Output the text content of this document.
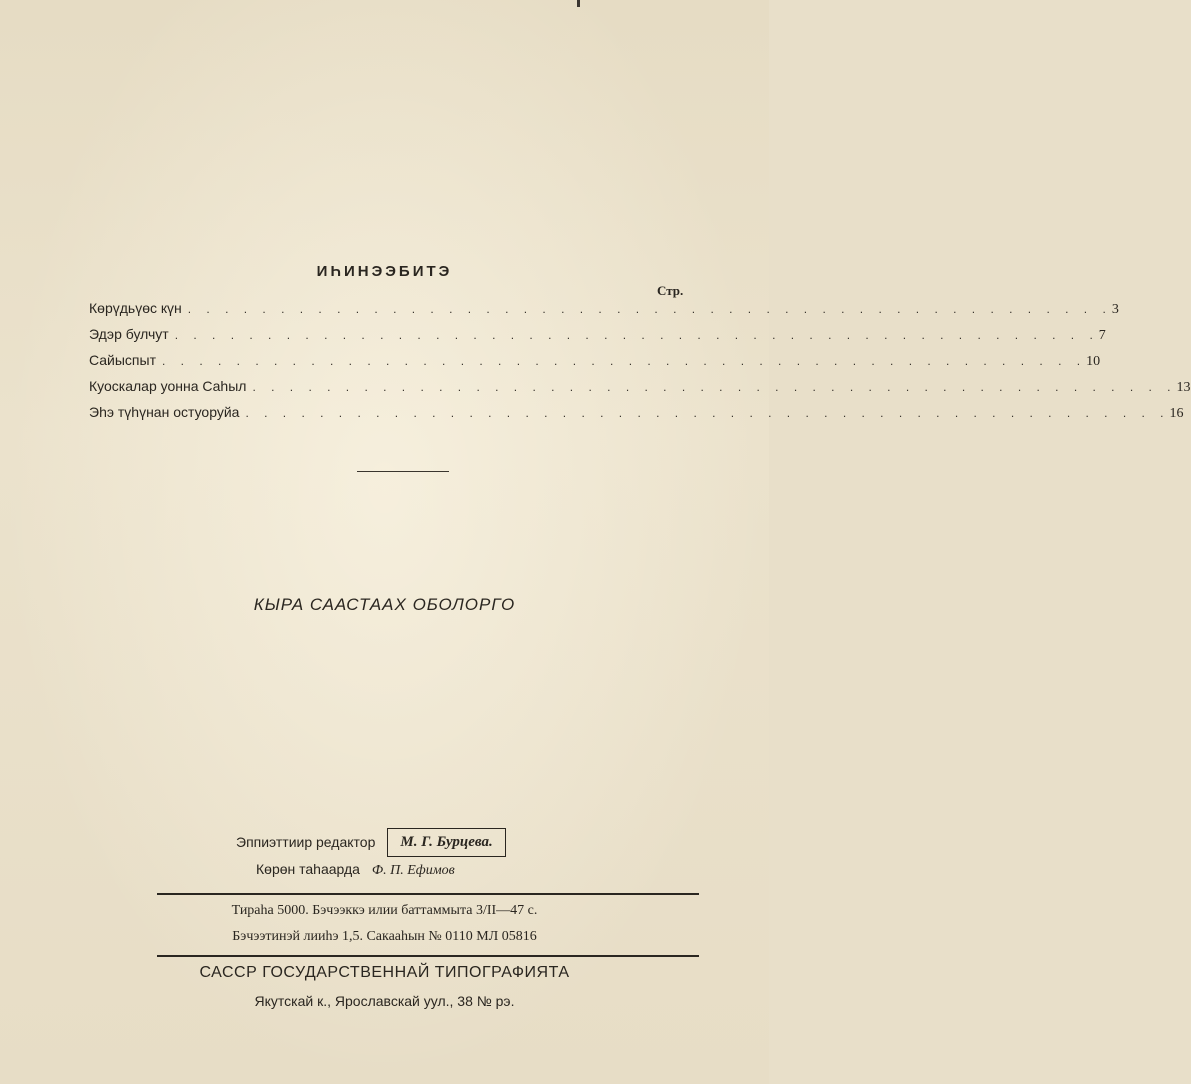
ИҺИНЭЭБИТЭ
Стр.
Көрүдьүөс күн . . . . . . . . . . . . . . . . . . . . . . . . . . . . . . . . . . . . . . . . . . . . . . . . . . 3
Эдэр булчут . . . . . . . . . . . . . . . . . . . . . . . . . . . . . . . . . . . . . . . . . . . . . . . . . . 7
Сайыспыт . . . . . . . . . . . . . . . . . . . . . . . . . . . . . . . . . . . . . . . . . . . . . . . . . . 10
Куоскалар уонна Саһыл . . . . . . . . . . . . . . . . . . . . . . . . . . . . . . . . . . . . . . . . . . . . . . . . . . 13
Эһэ түһүнан остуоруйа . . . . . . . . . . . . . . . . . . . . . . . . . . . . . . . . . . . . . . . . . . . . . . . . . . 16
КЫРА СААСТААХ ОБОЛОРГО
Эппиэттиир редактор	М. Г. Бурцева.
Көрөн таһаарда Ф. П. Ефимов
Тираһа 5000. Бэчээккэ илии баттаммыта 3/II—47 с.
Бэчээтинэй лииһэ 1,5. Сакааһын № 0110 МЛ 05816
САССР ГОСУДАРСТВЕННАЙ ТИПОГРАФИЯТА
Якутскай к., Ярославскай уул., 38 № рэ.
